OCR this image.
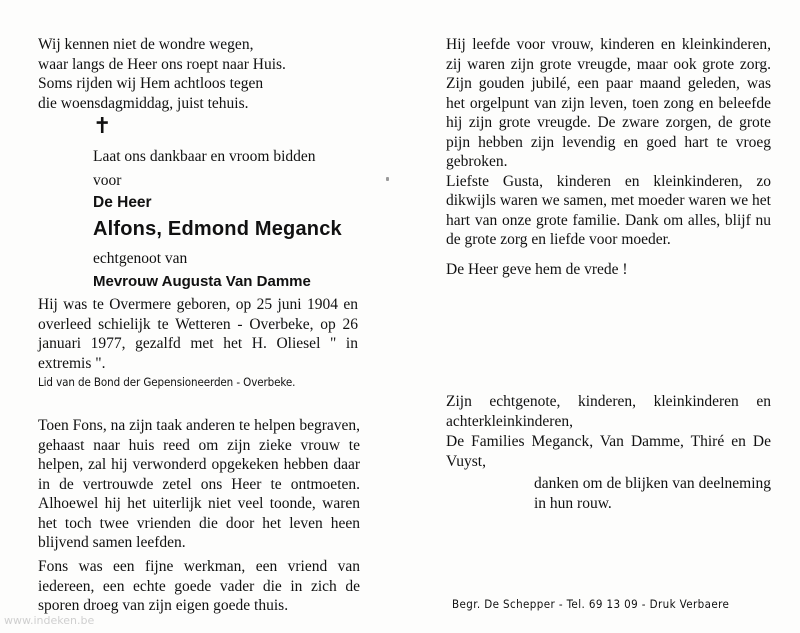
Wij kennen niet de wondre wegen,
waar langs de Heer ons roept naar Huis.
Soms rijden wij Hem achtloos tegen
die woensdagmiddag, juist tehuis.
✝
Laat ons dankbaar en vroom bidden
voor
De Heer
Alfons, Edmond Meganck
echtgenoot van
Mevrouw Augusta Van Damme
Hij was te Overmere geboren, op 25 juni 1904 en overleed schielijk te Wetteren - Overbeke, op 26 januari 1977, gezalfd met het H. Oliesel " in extremis ".
Lid van de Bond der Gepensioneerden - Overbeke.
Toen Fons, na zijn taak anderen te helpen begraven, gehaast naar huis reed om zijn zieke vrouw te helpen, zal hij verwonderd opgekeken hebben daar in de vertrouwde zetel ons Heer te ontmoeten. Alhoewel hij het uiterlijk niet veel toonde, waren het toch twee vrienden die door het leven heen blijvend samen leefden.
Fons was een fijne werkman, een vriend van iedereen, een echte goede vader die in zich de sporen droeg van zijn eigen goede thuis.
Hij leefde voor vrouw, kinderen en kleinkinderen, zij waren zijn grote vreugde, maar ook grote zorg. Zijn gouden jubilé, een paar maand geleden, was het orgelpunt van zijn leven, toen zong en beleefde hij zijn grote vreugde. De zware zorgen, de grote pijn hebben zijn levendig en goed hart te vroeg gebroken.
Liefste Gusta, kinderen en kleinkinderen, zo dikwijls waren we samen, met moeder waren we het hart van onze grote familie. Dank om alles, blijf nu de grote zorg en liefde voor moeder.
De Heer geve hem de vrede !
Zijn echtgenote, kinderen, kleinkinderen en achterkleinkinderen,
De Families Meganck, Van Damme, Thiré en De Vuyst,
danken om de blijken van deelneming in hun rouw.
Begr. De Schepper - Tel. 69 13 09 - Druk Verbaere
www.indeken.be
